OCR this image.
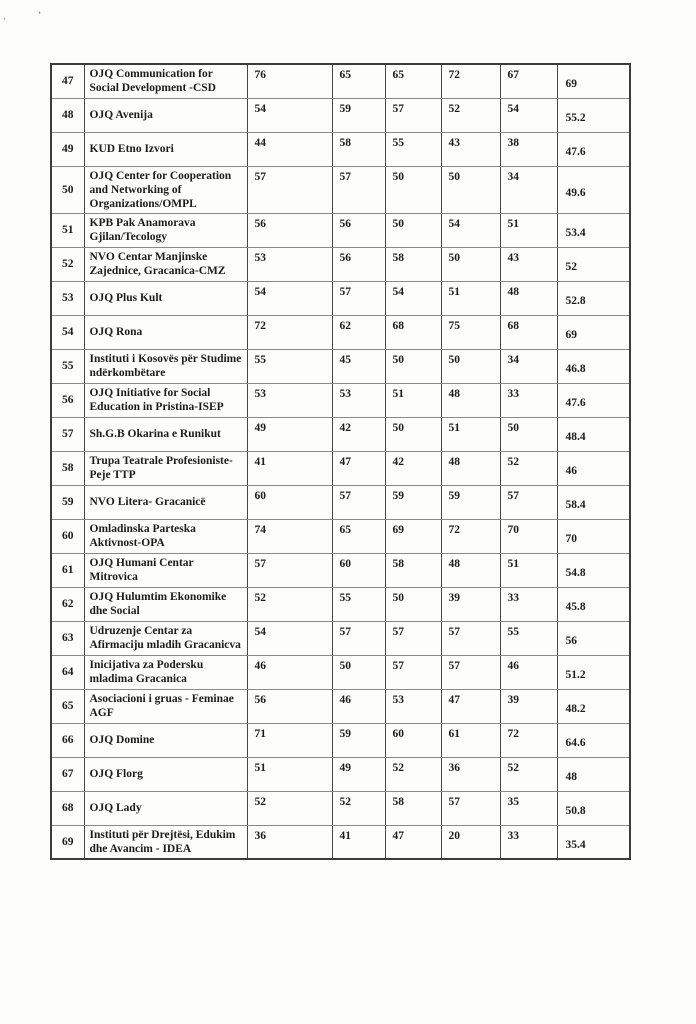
’
·
47	OJQ Communication for Social Development -CSD	76	65	65	72	67	69
48	OJQ Avenija	54	59	57	52	54	55.2
49	KUD Etno Izvori	44	58	55	43	38	47.6
50	OJQ Center for Cooperation and Networking of Organizations/OMPL	57	57	50	50	34	49.6
51	KPB Pak Anamorava Gjilan/Tecology	56	56	50	54	51	53.4
52	NVO Centar Manjinske Zajednice, Gracanica-CMZ	53	56	58	50	43	52
53	OJQ Plus Kult	54	57	54	51	48	52.8
54	OJQ Rona	72	62	68	75	68	69
55	Instituti i Kosovës për Studime ndërkombëtare	55	45	50	50	34	46.8
56	OJQ Initiative for Social Education in Pristina-ISEP	53	53	51	48	33	47.6
57	Sh.G.B Okarina e Runikut	49	42	50	51	50	48.4
58	Trupa Teatrale Profesioniste-Peje TTP	41	47	42	48	52	46
59	NVO Litera- Gracanicë	60	57	59	59	57	58.4
60	Omladinska Parteska Aktivnost-OPA	74	65	69	72	70	70
61	OJQ Humani Centar Mitrovica	57	60	58	48	51	54.8
62	OJQ Hulumtim Ekonomike dhe Social	52	55	50	39	33	45.8
63	Udruzenje Centar za Afirmaciju mladih Gracanicva	54	57	57	57	55	56
64	Inicijativa za Podersku mladima Gracanica	46	50	57	57	46	51.2
65	Asociacioni i gruas - Feminae AGF	56	46	53	47	39	48.2
66	OJQ Domine	71	59	60	61	72	64.6
67	OJQ Florg	51	49	52	36	52	48
68	OJQ Lady	52	52	58	57	35	50.8
69	Instituti për Drejtësi, Edukim dhe Avancim - IDEA	36	41	47	20	33	35.4
